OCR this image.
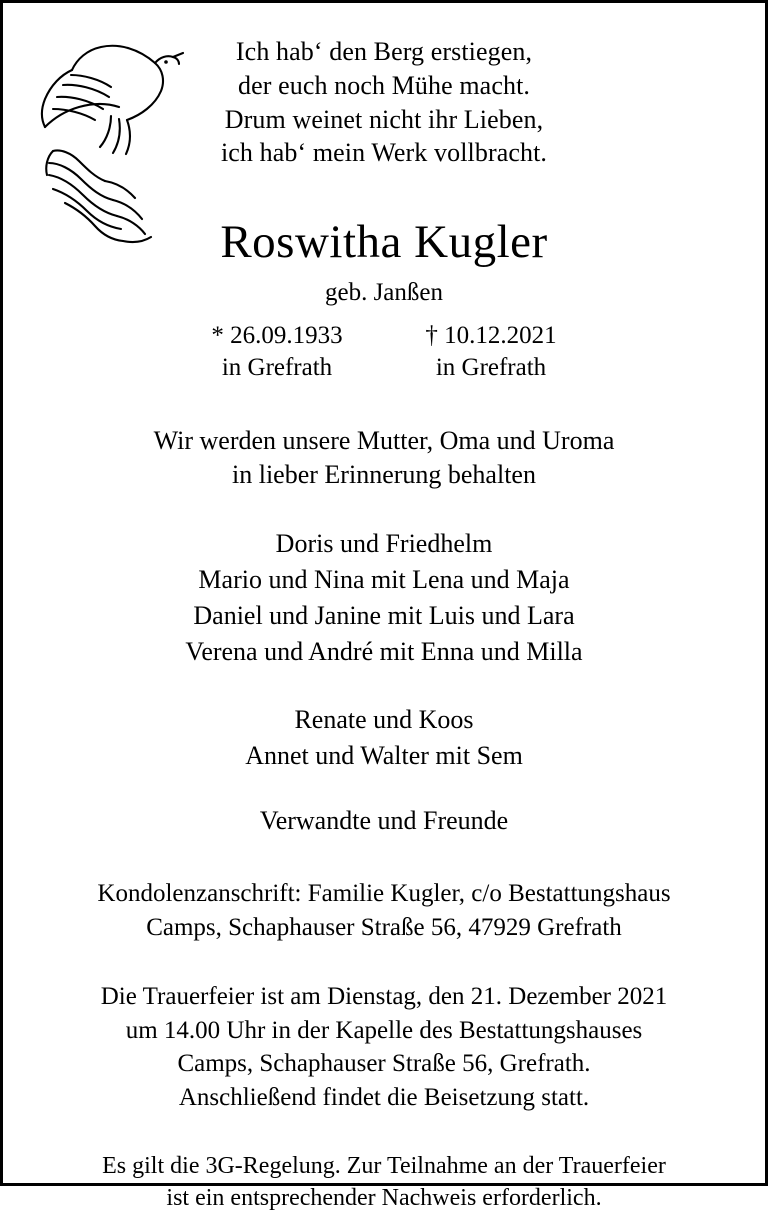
Ich hab‘ den Berg erstiegen,
der euch noch Mühe macht.
Drum weinet nicht ihr Lieben,
ich hab‘ mein Werk vollbracht.
Roswitha Kugler
geb. Janßen
* 26.09.1933
in Grefrath
† 10.12.2021
in Grefrath
Wir werden unsere Mutter, Oma und Uroma
in lieber Erinnerung behalten
Doris und Friedhelm
Mario und Nina mit Lena und Maja
Daniel und Janine mit Luis und Lara
Verena und André mit Enna und Milla
Renate und Koos
Annet und Walter mit Sem
Verwandte und Freunde
Kondolenzanschrift: Familie Kugler, c/o Bestattungshaus
Camps, Schaphauser Straße 56, 47929 Grefrath
Die Trauerfeier ist am Dienstag, den 21. Dezember 2021
um 14.00 Uhr in der Kapelle des Bestattungshauses
Camps, Schaphauser Straße 56, Grefrath.
Anschließend findet die Beisetzung statt.
Es gilt die 3G-Regelung. Zur Teilnahme an der Trauerfeier
ist ein entsprechender Nachweis erforderlich.
